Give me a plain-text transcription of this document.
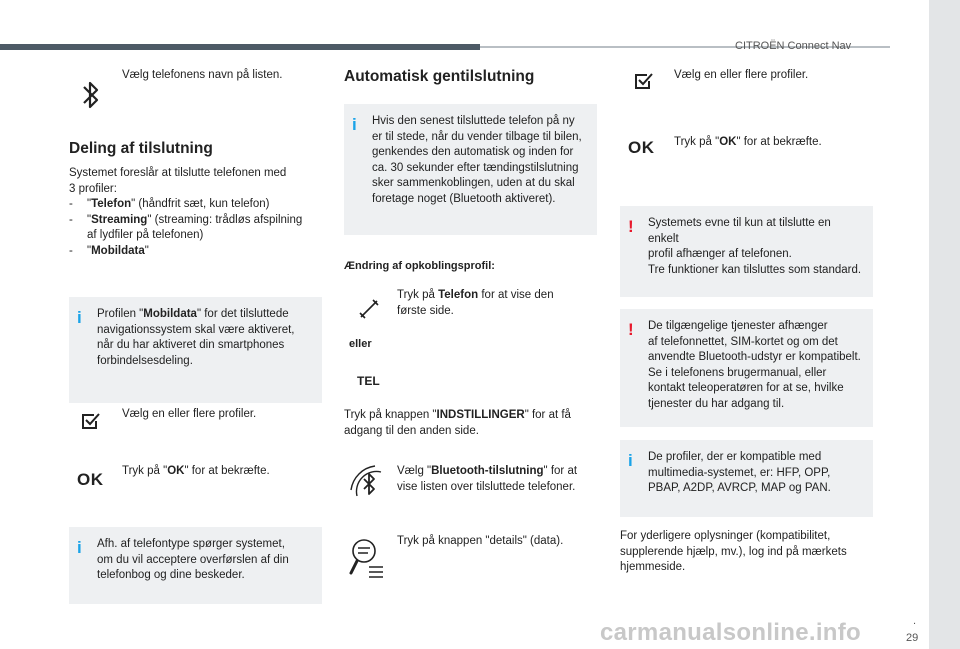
CITROËN Connect Nav
.
29
Vælg telefonens navn på listen.
Deling af tilslutning
Systemet foreslår at tilslutte telefonen med
3 profiler:
- "Telefon" (håndfrit sæt, kun telefon)
- "Streaming" (streaming: trådløs afspilning
af lydfiler på telefonen)
- "Mobildata"
i Profilen "Mobildata" for det tilsluttede
navigationssystem skal være aktiveret,
når du har aktiveret din smartphones
forbindelsesdeling.
Vælg en eller flere profiler.
OK Tryk på "OK" for at bekræfte.
i Afh. af telefontype spørger systemet,
om du vil acceptere overførslen af din
telefonbog og dine beskeder.
Automatisk gentilslutning
i Hvis den senest tilsluttede telefon på ny
er til stede, når du vender tilbage til bilen,
genkendes den automatisk og inden for
ca. 30 sekunder efter tændingstilslutning
sker sammenkoblingen, uden at du skal
foretage noget (Bluetooth aktiveret).
Ændring af opkoblingsprofil:
Tryk på Telefon for at vise den
første side.
eller
TEL
Tryk på knappen "INDSTILLINGER" for at få
adgang til den anden side.
Vælg "Bluetooth-tilslutning" for at
vise listen over tilsluttede telefoner.
Tryk på knappen "details" (data).
Vælg en eller flere profiler.
OK Tryk på "OK" for at bekræfte.
! Systemets evne til kun at tilslutte en enkelt
profil afhænger af telefonen.
Tre funktioner kan tilsluttes som standard.
! De tilgængelige tjenester afhænger
af telefonnettet, SIM-kortet og om det
anvendte Bluetooth-udstyr er kompatibelt.
Se i telefonens brugermanual, eller
kontakt teleoperatøren for at se, hvilke
tjenester du har adgang til.
i De profiler, der er kompatible med
multimedia-systemet, er: HFP, OPP,
PBAP, A2DP, AVRCP, MAP og PAN.
For yderligere oplysninger (kompatibilitet,
supplerende hjælp, mv.), log ind på mærkets
hjemmeside.
carmanualsonline.info
